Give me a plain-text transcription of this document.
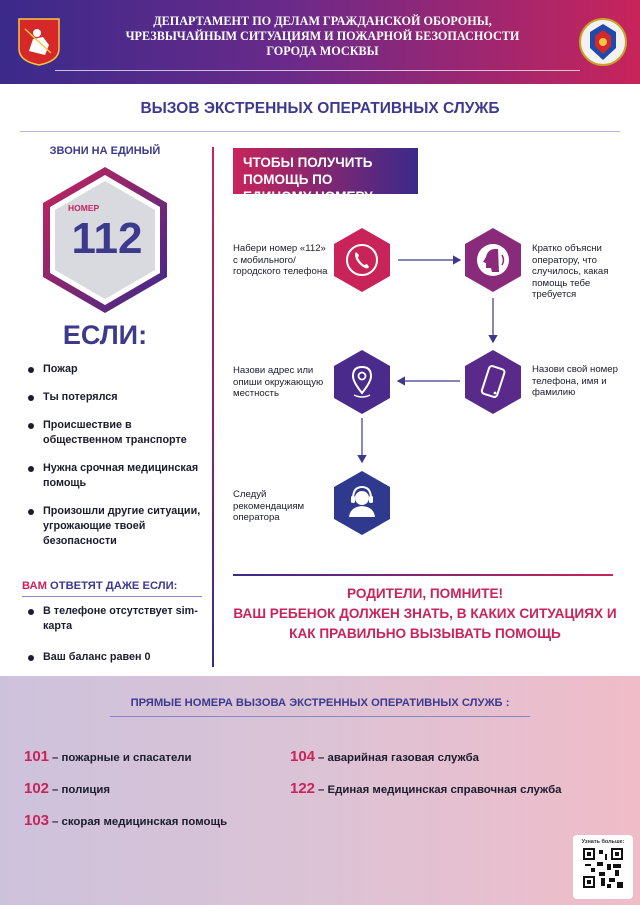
ДЕПАРТАМЕНТ ПО ДЕЛАМ ГРАЖДАНСКОЙ ОБОРОНЫ,
ЧРЕЗВЫЧАЙНЫМ СИТУАЦИЯМ И ПОЖАРНОЙ БЕЗОПАСНОСТИ
ГОРОДА МОСКВЫ
ВЫЗОВ ЭКСТРЕННЫХ ОПЕРАТИВНЫХ СЛУЖБ
ЗВОНИ НА ЕДИНЫЙ
НОМЕР
112
ЕСЛИ:
Пожар
Ты потерялся
Происшествие в общественном транспорте
Нужна срочная медицинская помощь
Произошли другие ситуации, угрожающие твоей безопасности
ВАМ ОТВЕТЯТ ДАЖЕ ЕСЛИ:
В телефоне отсутствует sim-карта
Ваш баланс равен 0
ЧТОБЫ ПОЛУЧИТЬ ПОМОЩЬ ПО
ЕДИНОМУ НОМЕРУ:
Набери номер «112» с мобильного/ городского телефона
Кратко объясни оператору, что случилось, какая помощь тебе требуется
Назови свой номер телефона, имя и фамилию
Назови адрес или опиши окружающую местность
Следуй рекомендациям оператора
РОДИТЕЛИ, ПОМНИТЕ!
ВАШ РЕБЕНОК ДОЛЖЕН ЗНАТЬ, В КАКИХ СИТУАЦИЯХ И
КАК ПРАВИЛЬНО ВЫЗЫВАТЬ ПОМОЩЬ
ПРЯМЫЕ НОМЕРА ВЫЗОВА ЭКСТРЕННЫХ ОПЕРАТИВНЫХ СЛУЖБ :
101 – пожарные и спасатели
102 – полиция
103 – скорая медицинская помощь
104 – аварийная газовая служба
122 – Единая медицинская справочная служба
Узнать больше:
